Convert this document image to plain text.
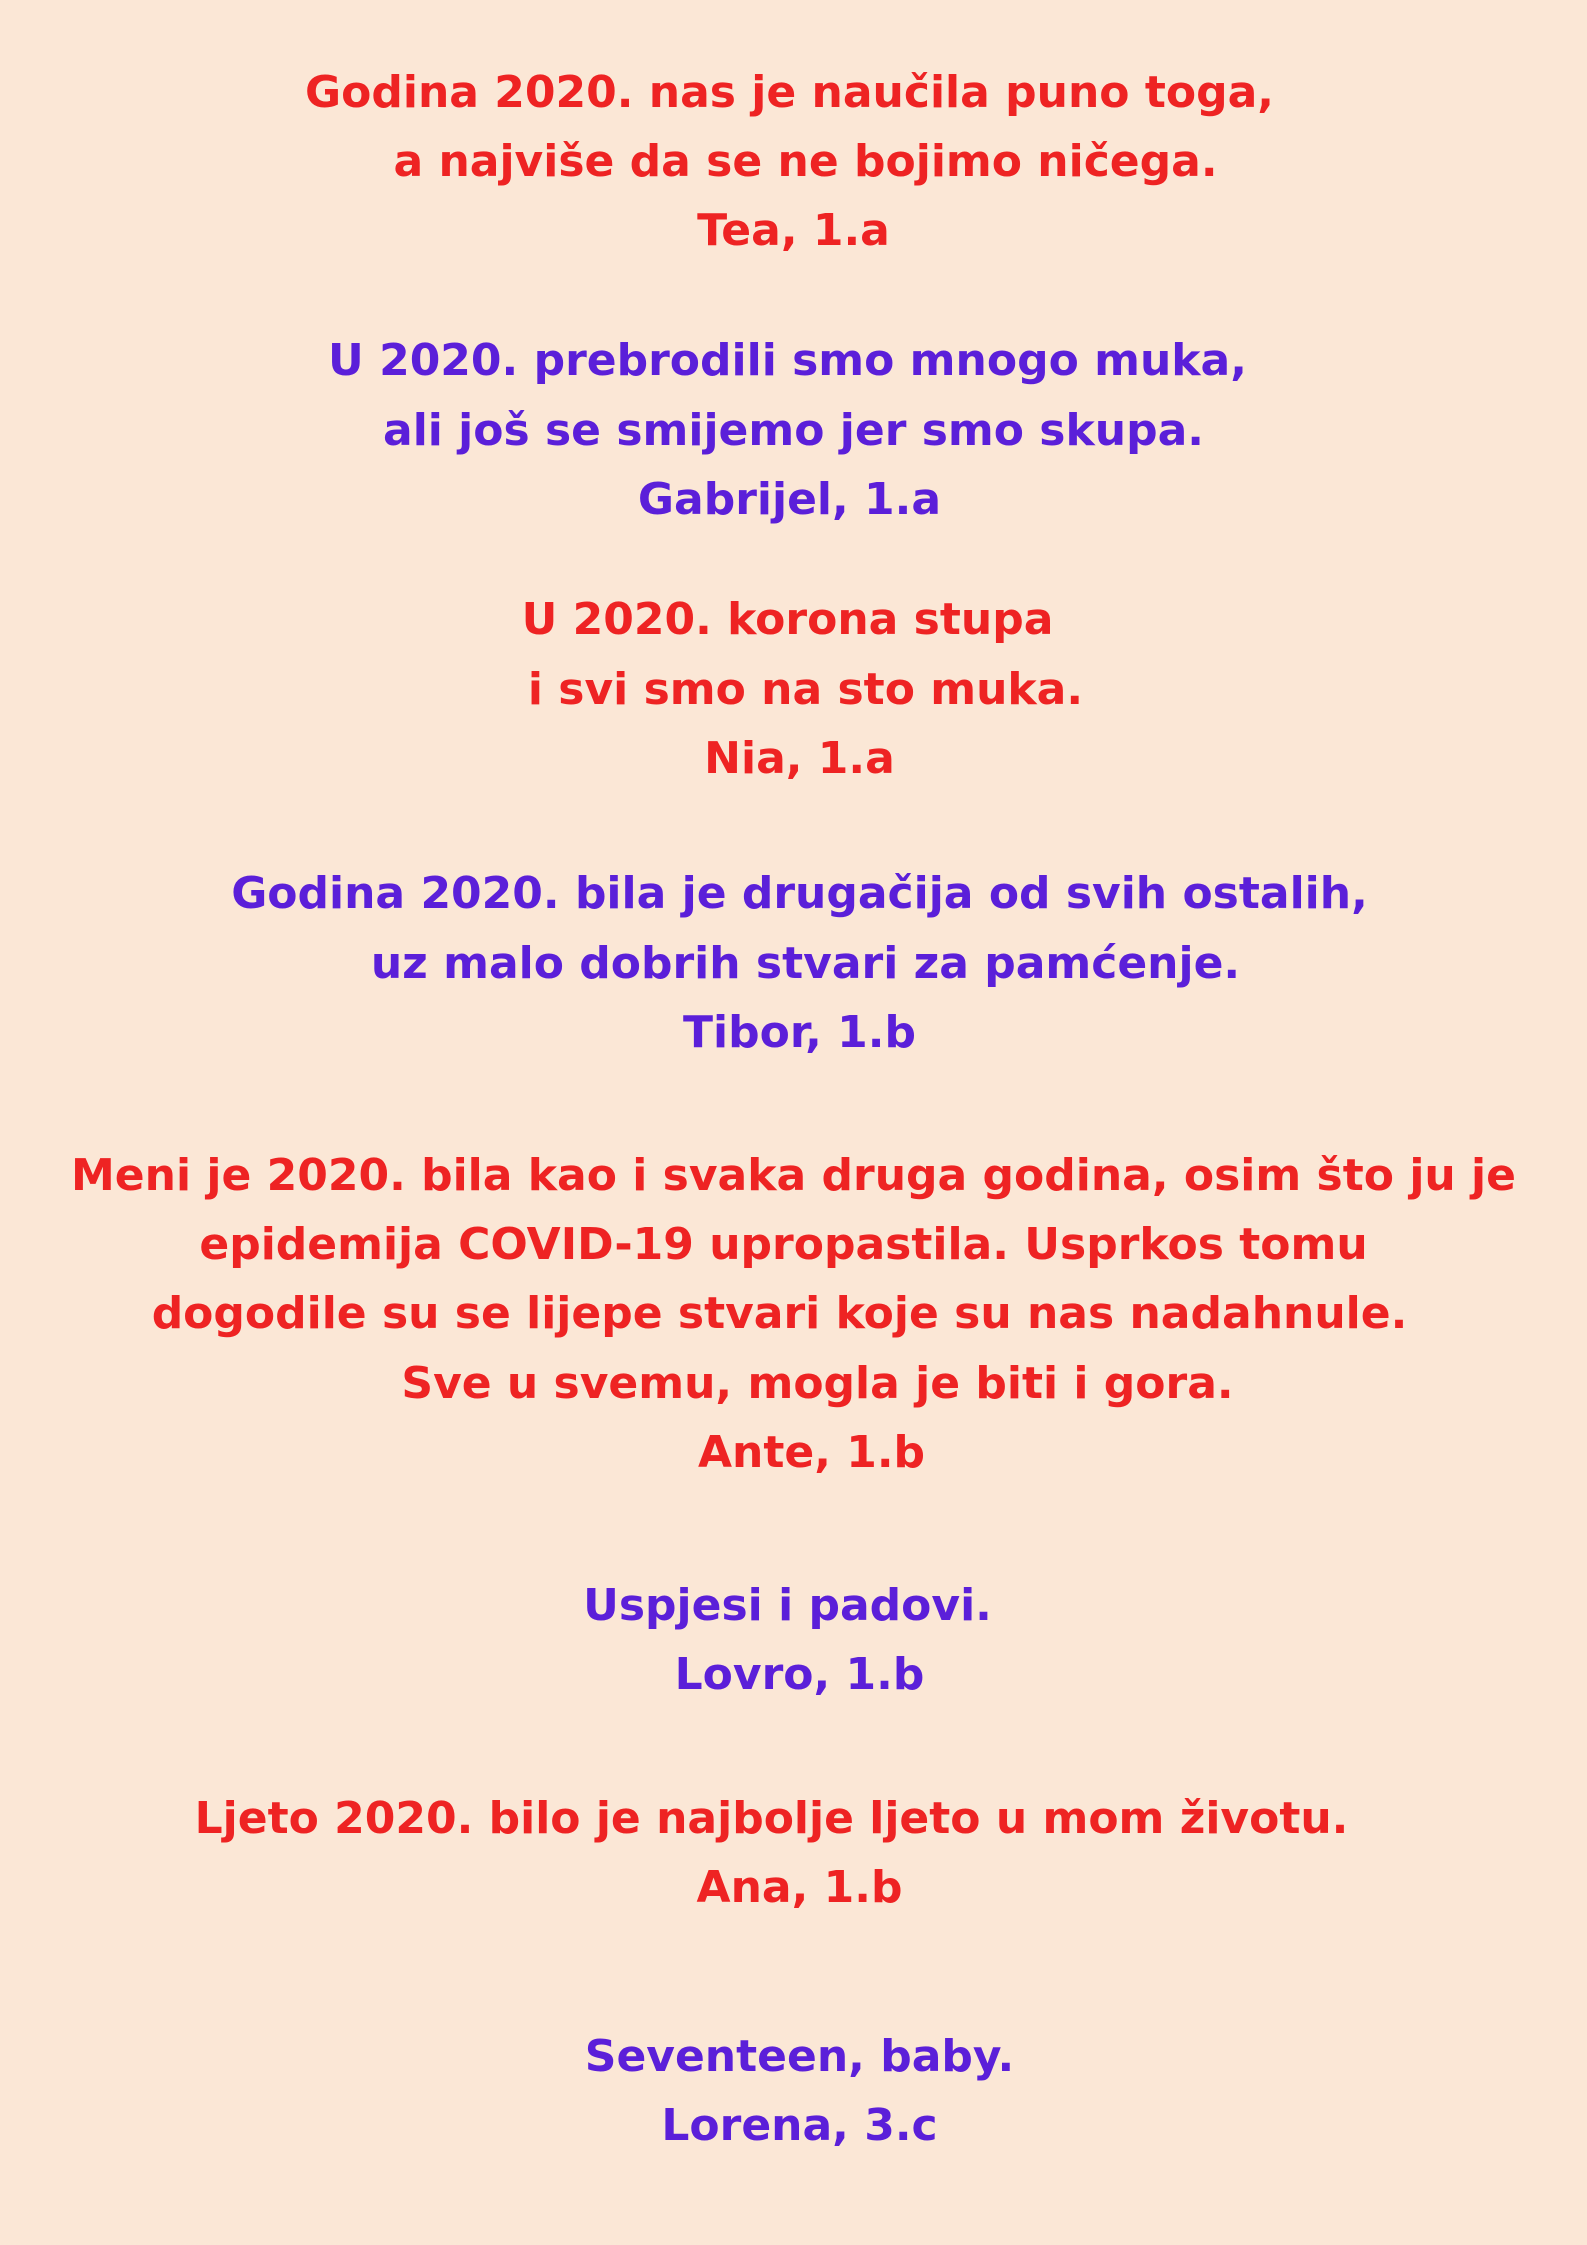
Godina 2020. nas je naučila puno toga,
a najviše da se ne bojimo ničega.
Tea, 1.a
U 2020. prebrodili smo mnogo muka,
ali još se smijemo jer smo skupa.
Gabrijel, 1.a
U 2020. korona stupa
i svi smo na sto muka.
Nia, 1.a
Godina 2020. bila je drugačija od svih ostalih,
uz malo dobrih stvari za pamćenje.
Tibor, 1.b
Meni je 2020. bila kao i svaka druga godina, osim što ju je
epidemija COVID-19 upropastila. Usprkos tomu
dogodile su se lijepe stvari koje su nas nadahnule.
Sve u svemu, mogla je biti i gora.
Ante, 1.b
Uspjesi i padovi.
Lovro, 1.b
Ljeto 2020. bilo je najbolje ljeto u mom životu.
Ana, 1.b
Seventeen, baby.
Lorena, 3.c
